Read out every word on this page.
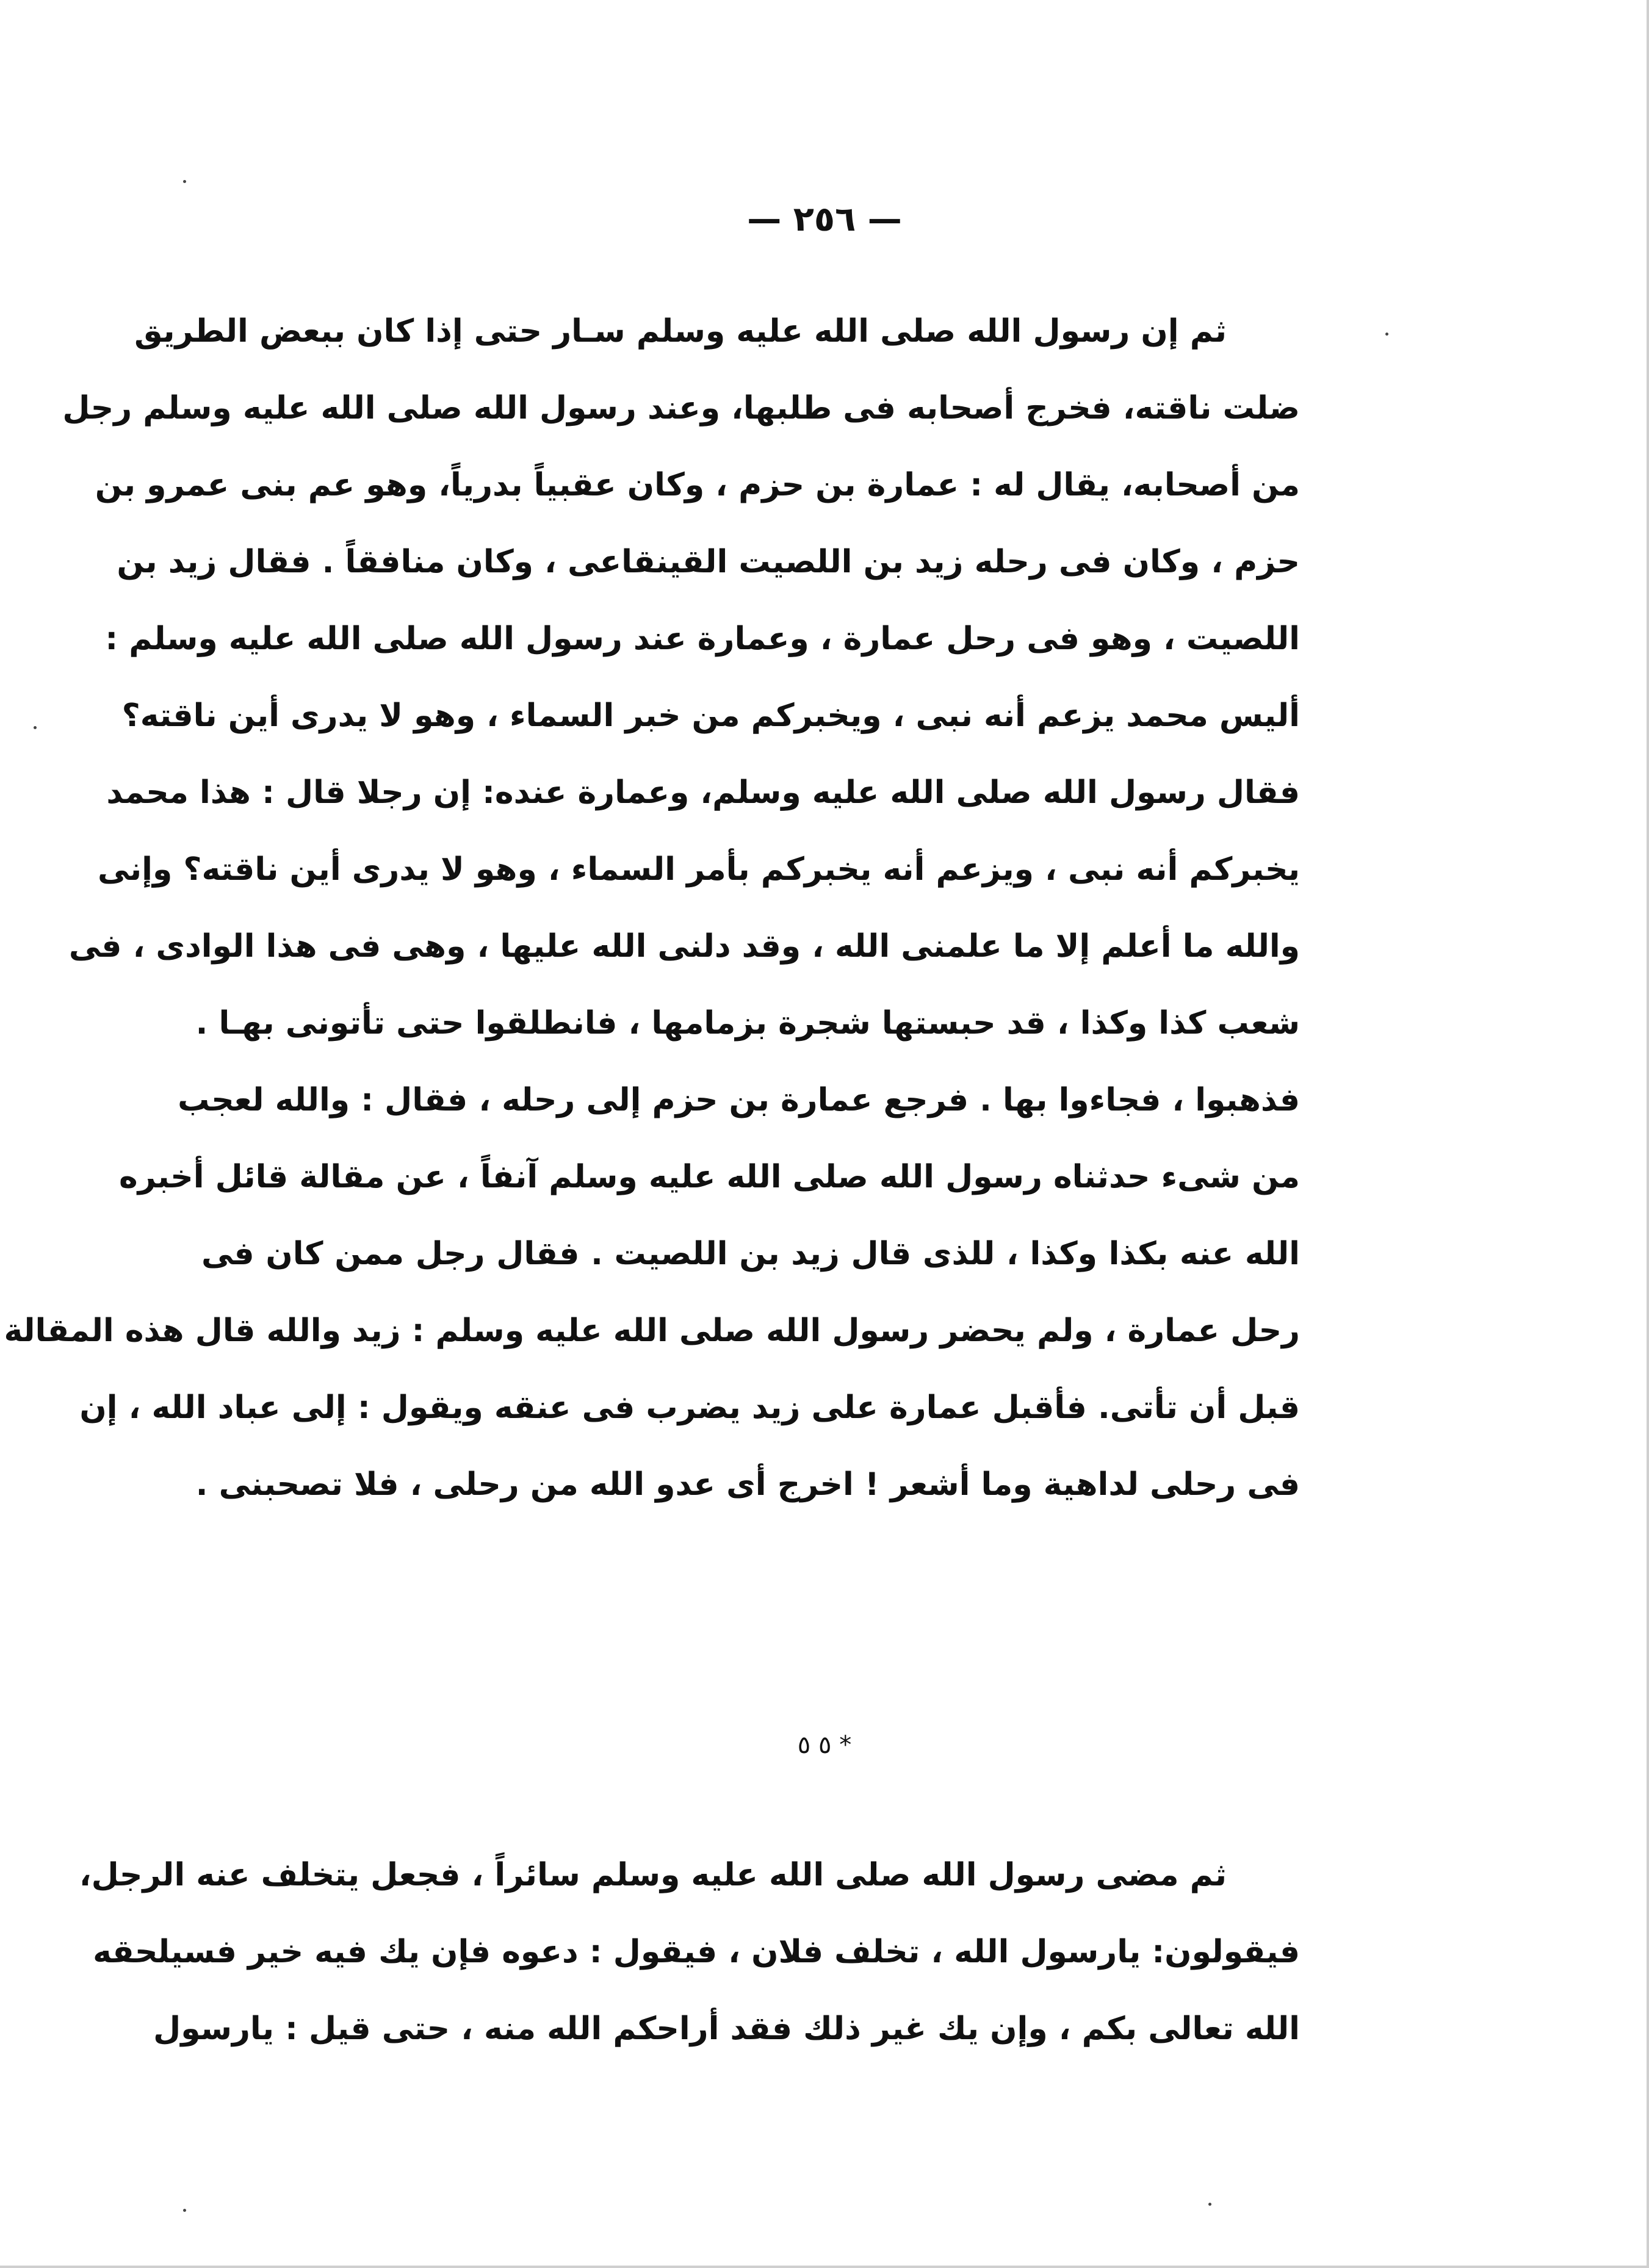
— ٢٥٦ —
ثم إن رسول الله صلى الله عليه وسلم سـار حتى إذا كان ببعض الطريق
ضلت ناقته، فخرج أصحابه فى طلبها، وعند رسول الله صلى الله عليه وسلم رجل
من أصحابه، يقال له : عمارة بن حزم ، وكان عقبياً بدرياً، وهو عم بنى عمرو بن
حزم ، وكان فى رحله زيد بن اللصيت القينقاعى ، وكان منافقاً . فقال زيد بن
اللصيت ، وهو فى رحل عمارة ، وعمارة عند رسول الله صلى الله عليه وسلم :
أليس محمد يزعم أنه نبى ، ويخبركم من خبر السماء ، وهو لا يدرى أين ناقته؟
فقال رسول الله صلى الله عليه وسلم، وعمارة عنده: إن رجلا قال : هذا محمد
يخبركم أنه نبى ، ويزعم أنه يخبركم بأمر السماء ، وهو لا يدرى أين ناقته؟ وإنى
والله ما أعلم إلا ما علمنى الله ، وقد دلنى الله عليها ، وهى فى هذا الوادى ، فى
شعب كذا وكذا ، قد حبستها شجرة بزمامها ، فانطلقوا حتى تأتونى بهـا .
فذهبوا ، فجاءوا بها . فرجع عمارة بن حزم إلى رحله ، فقال : والله لعجب
من شىء حدثناه رسول الله صلى الله عليه وسلم آنفاً ، عن مقالة قائل أخبره
الله عنه بكذا وكذا ، للذى قال زيد بن اللصيت . فقال رجل ممن كان فى
رحل عمارة ، ولم يحضر رسول الله صلى الله عليه وسلم : زيد والله قال هذه المقالة
قبل أن تأتى. فأقبل عمارة على زيد يضرب فى عنقه ويقول : إلى عباد الله ، إن
فى رحلى لداهية وما أشعر ! اخرج أى عدو الله من رحلى ، فلا تصحبنى .
* ٥ ٥
ثم مضى رسول الله صلى الله عليه وسلم سائراً ، فجعل يتخلف عنه الرجل،
فيقولون: يارسول الله ، تخلف فلان ، فيقول : دعوه فإن يك فيه خير فسيلحقه
الله تعالى بكم ، وإن يك غير ذلك فقد أراحكم الله منه ، حتى قيل : يارسول
